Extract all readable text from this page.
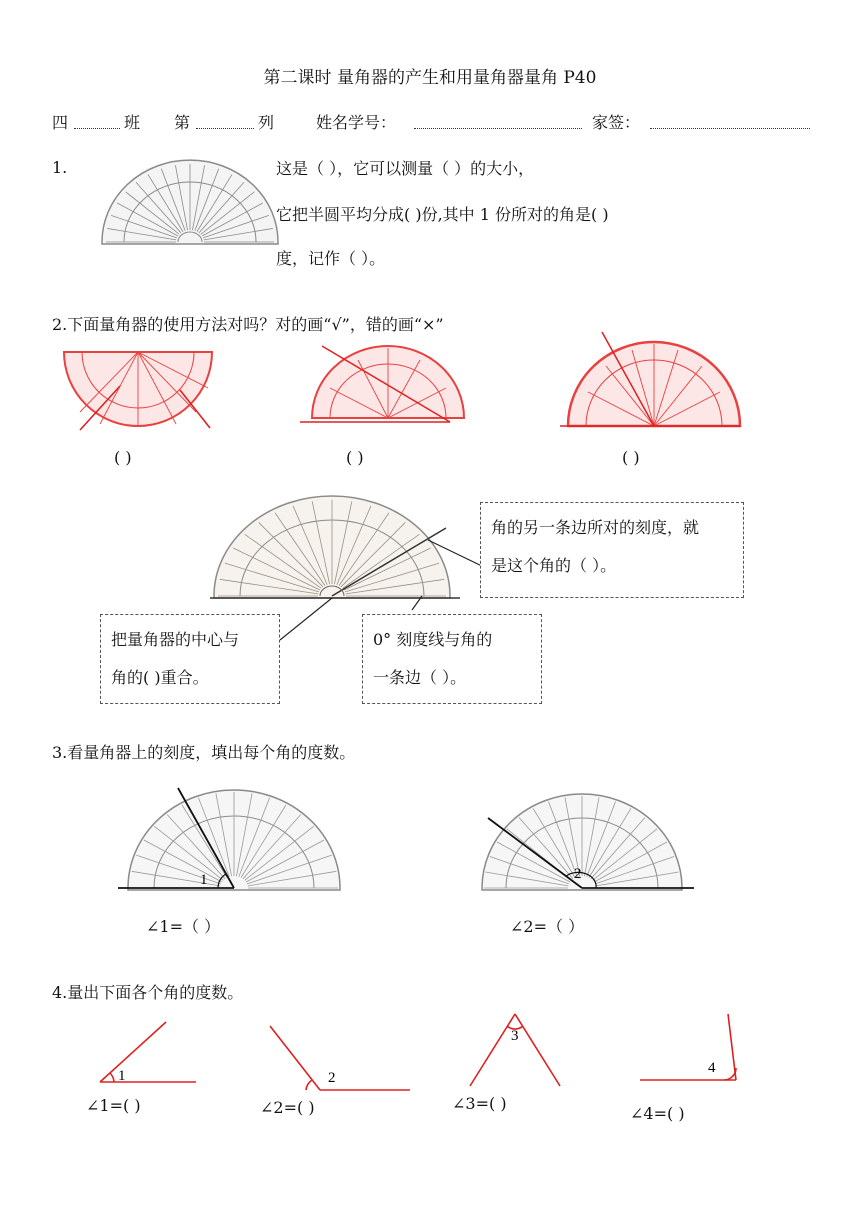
第二课时 量角器的产生和用量角器量角 P40
四	班 第	列	姓名学号：	家签：
1.	这是（ ），它可以测量（ ）的大小，
它把半圆平均分成( )份,其中 1 份所对的角是( )
度，记作（ ）。
2.下面量角器的使用方法对吗？对的画“√”，错的画“×”
( )	( )	( )
角的另一条边所对的刻度，就
是这个角的（ ）。
把量角器的中心与
角的( )重合。
0° 刻度线与角的
一条边（ ）。
3.看量角器上的刻度，填出每个角的度数。
1	2
∠1=（ ）	∠2=（ ）
4.量出下面各个角的度数。
1	2
3
4
∠1=( )	∠2=( )	∠3=( )
∠4=( )
